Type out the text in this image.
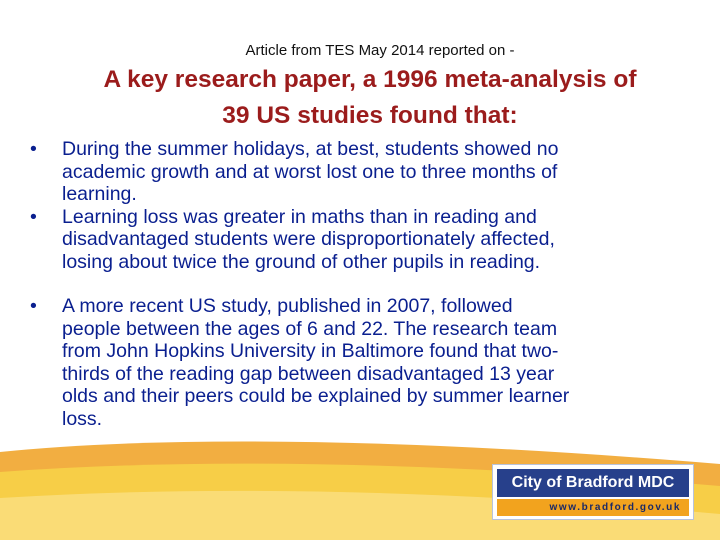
Article from TES May 2014 reported on -
A key research paper, a 1996 meta-analysis of
39 US studies found that:
•	During the summer holidays, at best, students showed no
academic growth and at worst lost one to three months of
learning.
•	Learning loss was greater in maths than in reading and
disadvantaged students were disproportionately affected,
losing about twice the ground of other pupils in reading.
•	A more recent US study, published in 2007, followed
people between the ages of 6 and 22. The research team
from John Hopkins University in Baltimore found that two-
thirds of the reading gap between disadvantaged 13 year
olds and their peers could be explained by summer learner
loss.
City of Bradford MDC
www.bradford.gov.uk
